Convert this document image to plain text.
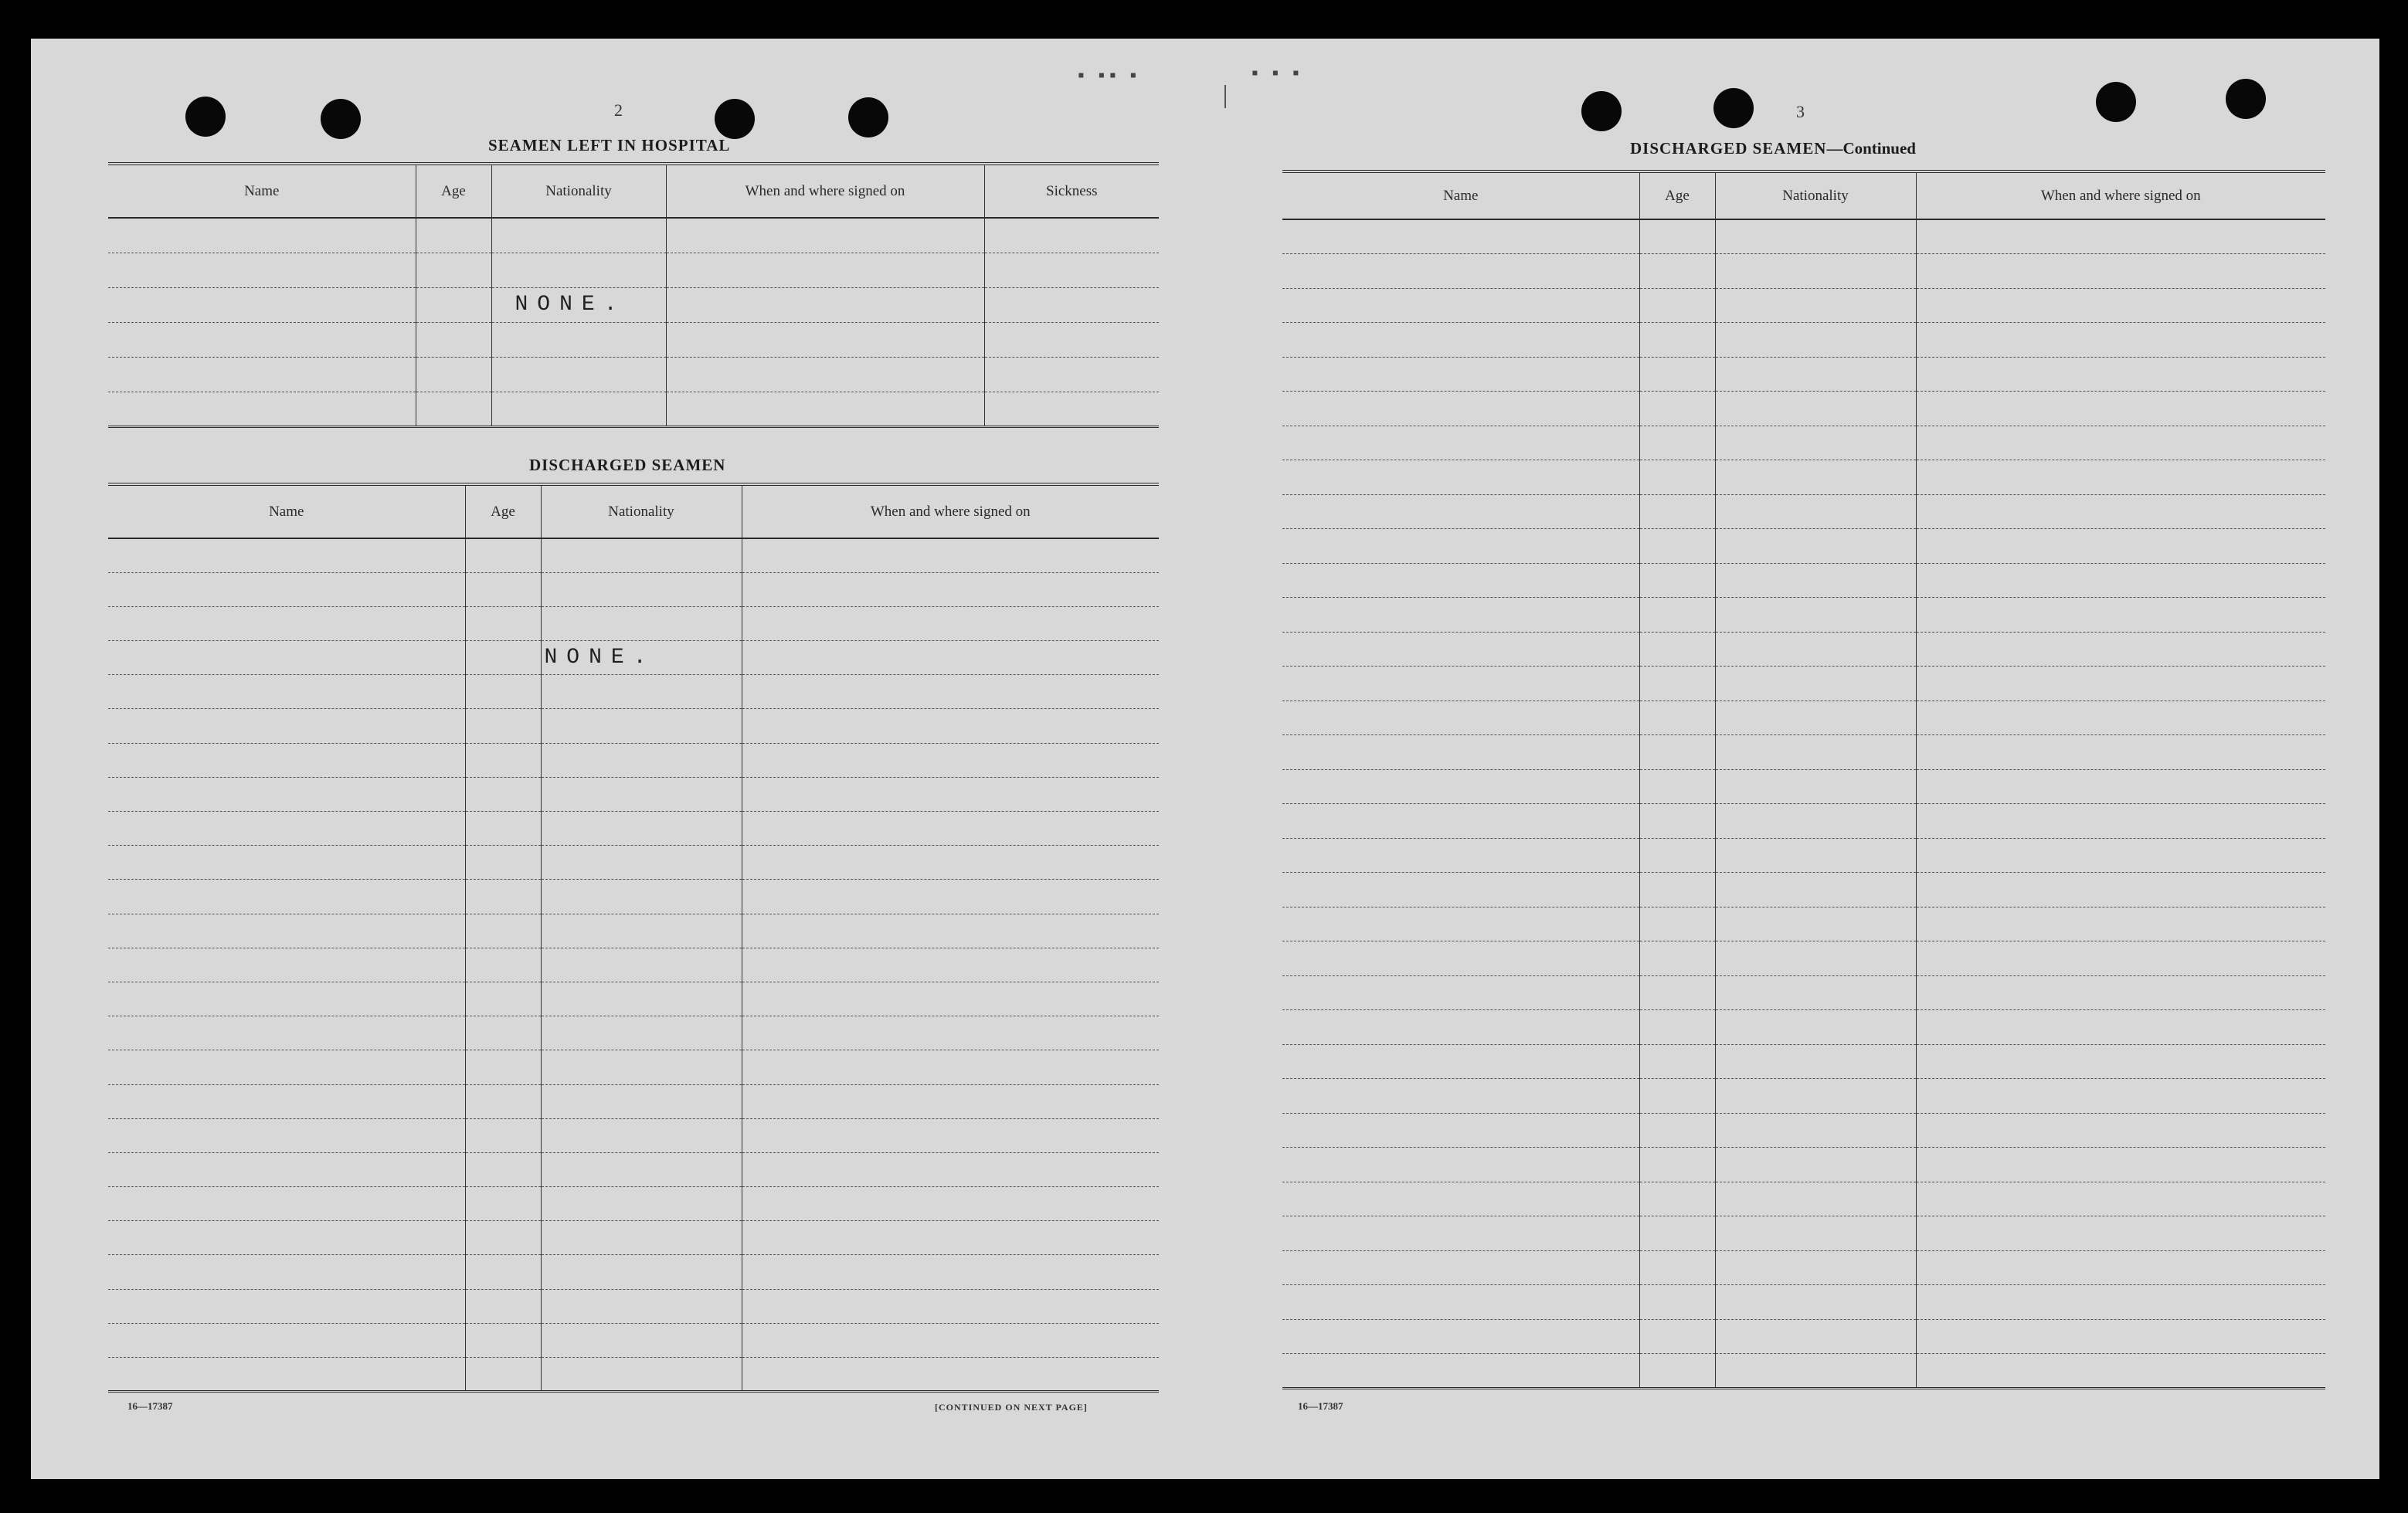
▪ ▪▪ ▪	▪ ▪ ▪
2
SEAMEN LEFT IN HOSPITAL
Name	Age	Nationality	When and where signed on	Sickness

		NONE.		

DISCHARGED SEAMEN
Name	Age	Nationality	When and where signed on

		NONE.	

16—17387	[CONTINUED ON NEXT PAGE]
3
DISCHARGED SEAMEN—Continued
Name	Age	Nationality	When and where signed on

16—17387
